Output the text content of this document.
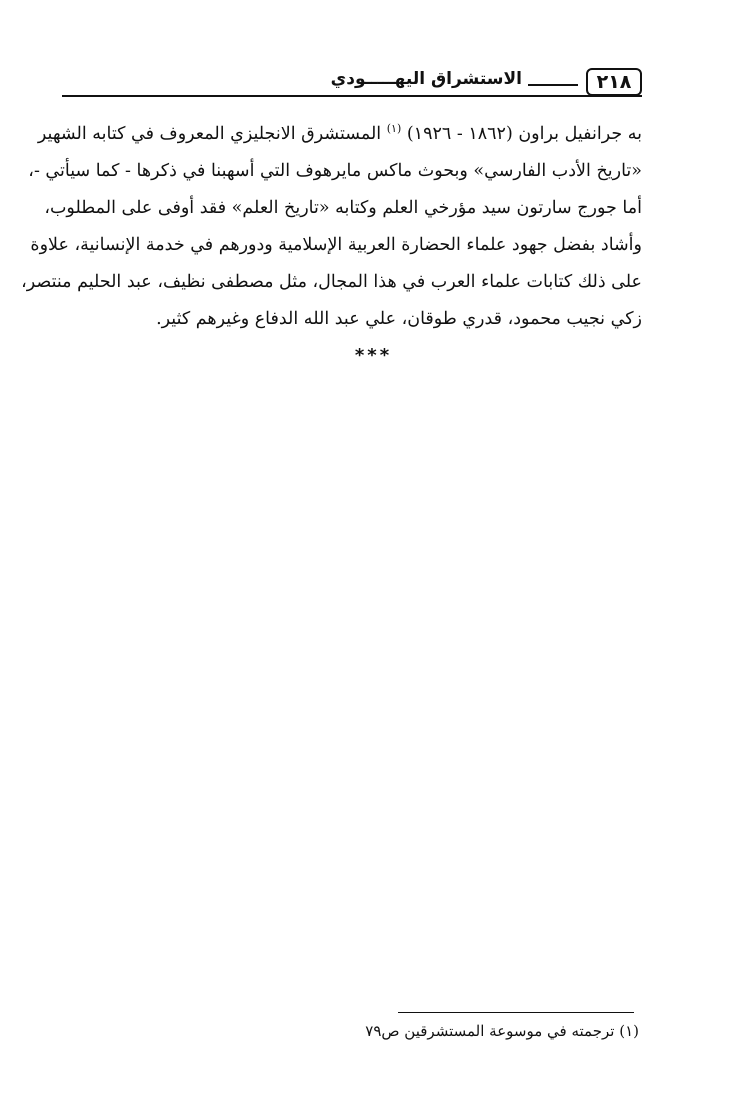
٢١٨
الاستشراق اليهـــــودي
به جرانفيل براون (١٨٦٢ - ١٩٢٦) $^{(١)}$ المستشرق الانجليزي المعروف في كتابه الشهير
«تاريخ الأدب الفارسي» وبحوث ماكس مايرهوف التي أسهبنا في ذكرها - كما سيأتي -،
أما جورج سارتون سيد مؤرخي العلم وكتابه «تاريخ العلم» فقد أوفى على المطلوب،
وأشاد بفضل جهود علماء الحضارة العربية الإسلامية ودورهم في خدمة الإنسانية، علاوة
على ذلك كتابات علماء العرب في هذا المجال، مثل مصطفى نظيف، عبد الحليم منتصر،
زكي نجيب محمود، قدري طوقان، علي عبد الله الدفاع وغيرهم كثير.
***
(١) ترجمته في موسوعة المستشرقين ص٧٩
